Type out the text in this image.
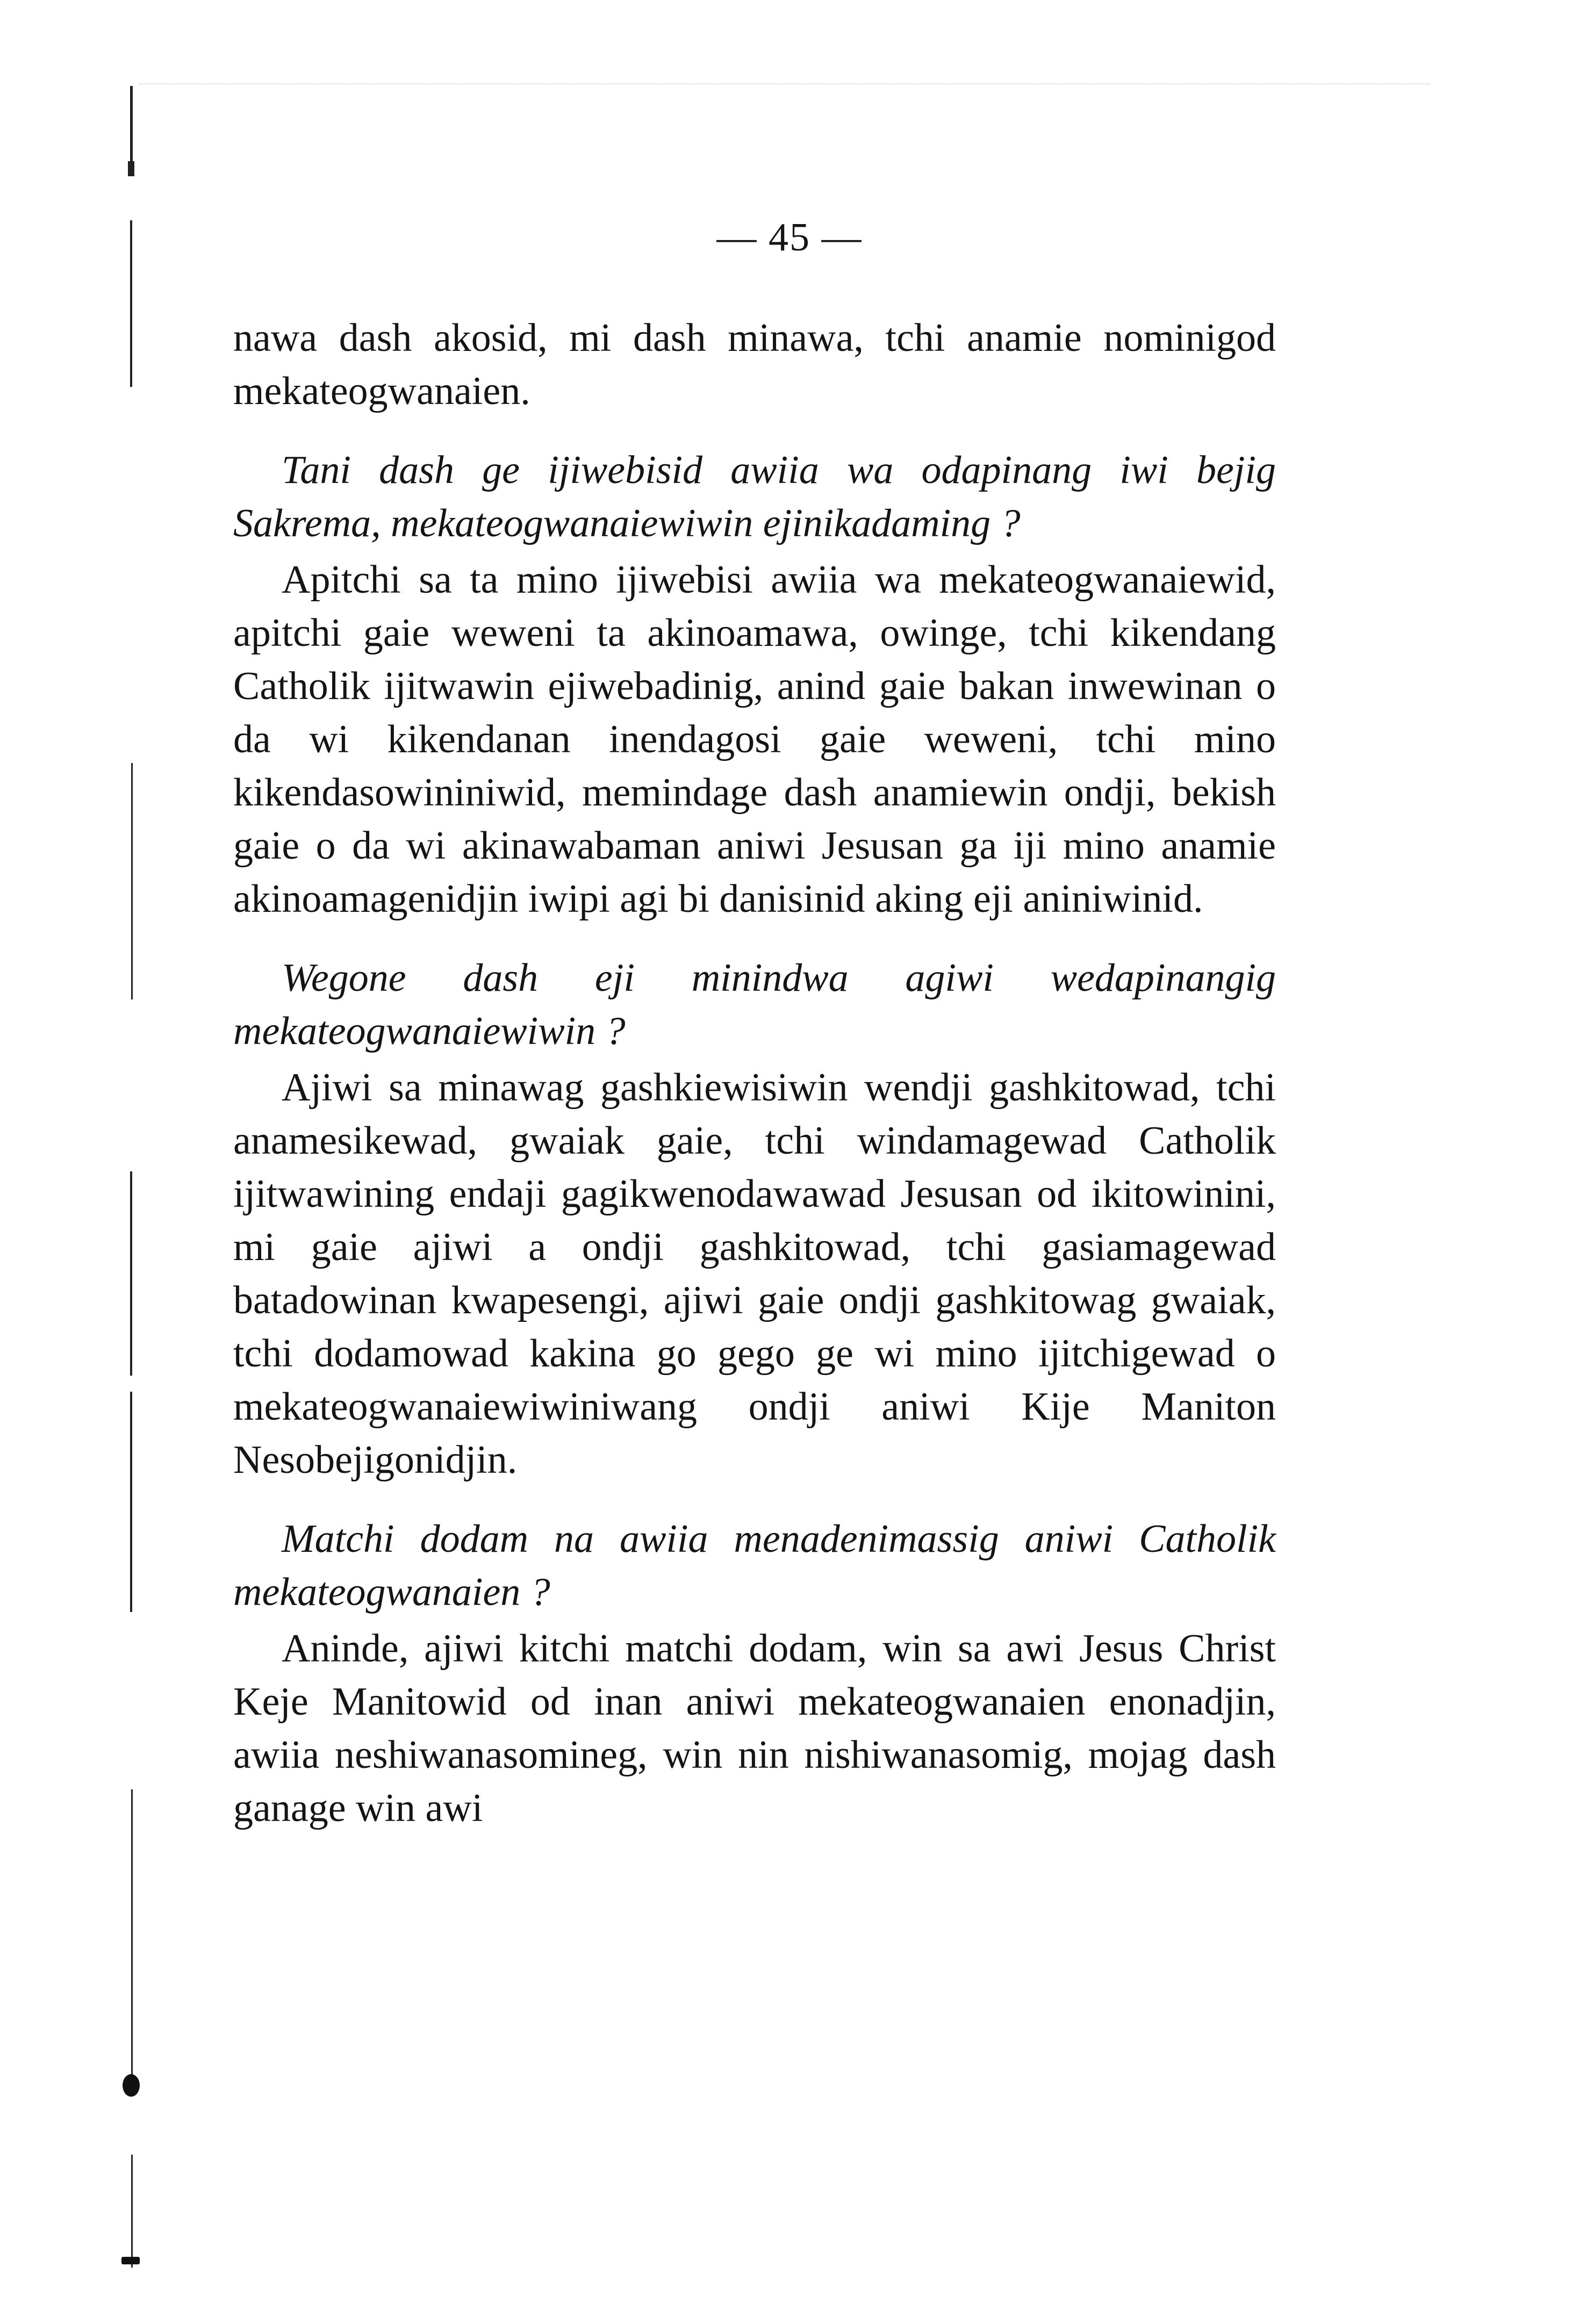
— 45 —

nawa dash akosid, mi dash minawa, tchi anamie nominigod mekateogwanaien.

Tani dash ge ijiwebisid awiia wa odapinang iwi bejig Sakrema, mekateogwanaiewiwin ejinikadaming ?

Apitchi sa ta mino ijiwebisi awiia wa mekateogwanaiewid, apitchi gaie weweni ta akinoamawa, owinge, tchi kikendang Catholik ijitwawin ejiwebadinig, anind gaie bakan inwewinan o da wi kikendanan inendagosi gaie weweni, tchi mino kikendasowininiwid, memindage dash anamiewin ondji, bekish gaie o da wi akinawabaman aniwi Jesusan ga iji mino anamie akinoamagenidjin iwipi agi bi danisinid aking eji aniniwinid.

Wegone dash eji minindwa agiwi wedapinangig mekateogwanaiewiwin ?

Ajiwi sa minawag gashkiewisiwin wendji gashkitowad, tchi anamesikewad, gwaiak gaie, tchi windamagewad Catholik ijitwawining endaji gagikwenodawawad Jesusan od ikitowinini, mi gaie ajiwi a ondji gashkitowad, tchi gasiamagewad batadowinan kwapesengi, ajiwi gaie ondji gashkitowag gwaiak, tchi dodamowad kakina go gego ge wi mino ijitchigewad o mekateogwanaiewiwiniwang ondji aniwi Kije Maniton Nesobejigonidjin.

Matchi dodam na awiia menadenimassig aniwi Catholik mekateogwanaien ?

Aninde, ajiwi kitchi matchi dodam, win sa awi Jesus Christ Keje Manitowid od inan aniwi mekateogwanaien enonadjin, awiia neshiwanasomineg, win nin nishiwanasomig, mojag dash ganage win awi
